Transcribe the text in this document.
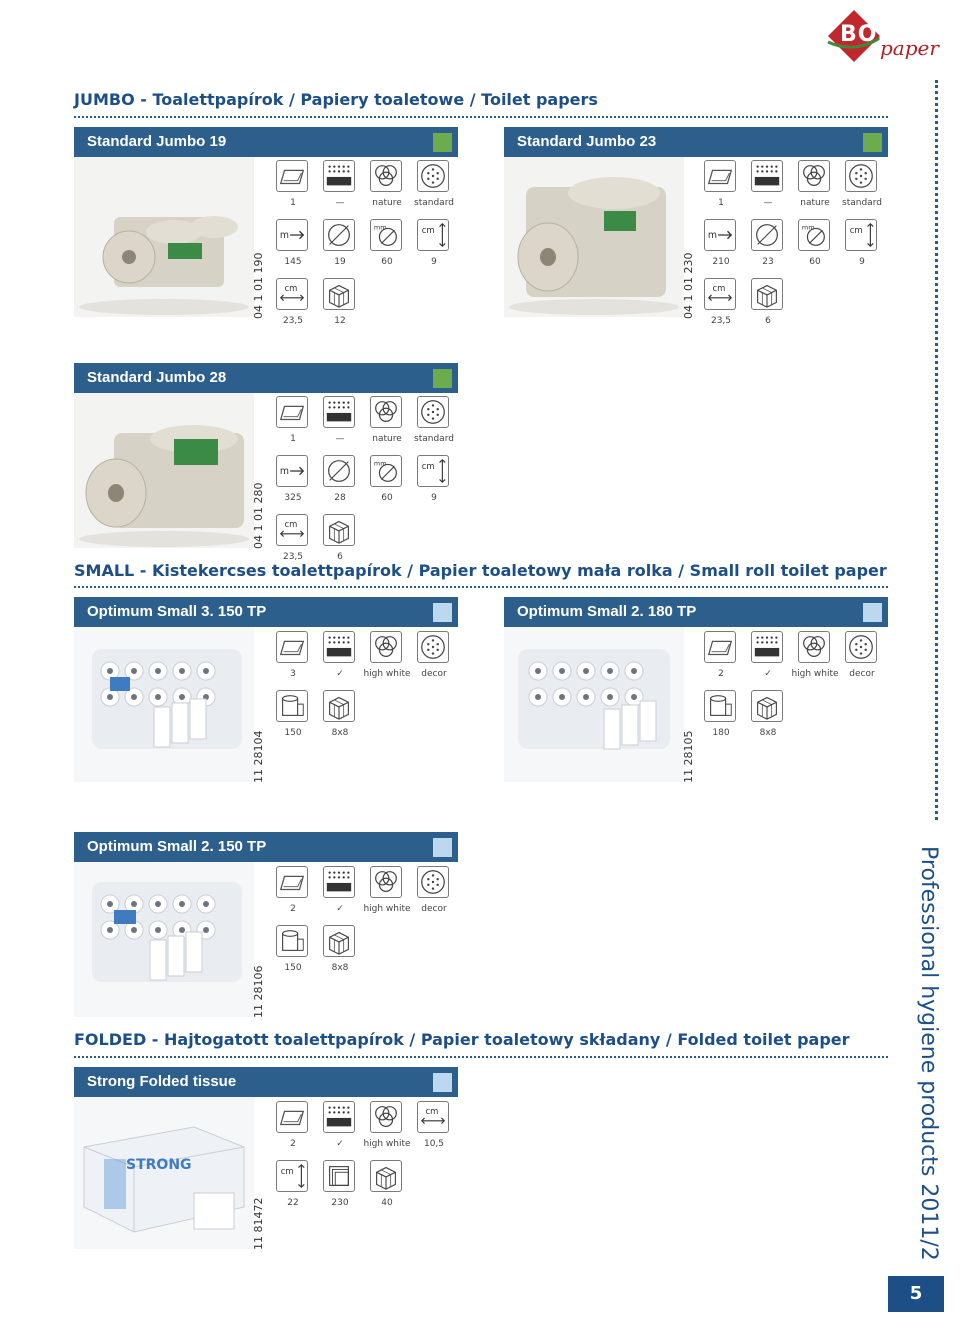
BOKK
paper
Professional hygiene products 2011/2
5
JUMBO - Toalettpapírok / Papiery toaletowe / Toilet papers
SMALL - Kistekercses toalettpapírok / Papier toaletowy mała rolka / Small roll toilet paper
FOLDED - Hajtogatott toalettpapírok / Papier toaletowy składany / Folded toilet paper
Standard Jumbo 19
04 1 01 190
Standard Jumbo 23
04 1 01 230
Standard Jumbo 28
04 1 01 280
Optimum Small 3. 150 TP
11 28104
Optimum Small 2. 180 TP
11 28105
Optimum Small 2. 150 TP
11 28106
Strong Folded tissue
STRONG
11 81472
1	—	nature	standard
145	19	60	9
23,5	12
1	—	nature	standard
210	23	60	9
23,5	6
1	—	nature	standard
325	28	60	9
23,5	6
3	✓	high white	decor
150	8x8
2	✓	high white	decor
180	8x8
2	✓	high white	decor
150	8x8
2	✓	high white	10,5
22	230	40
